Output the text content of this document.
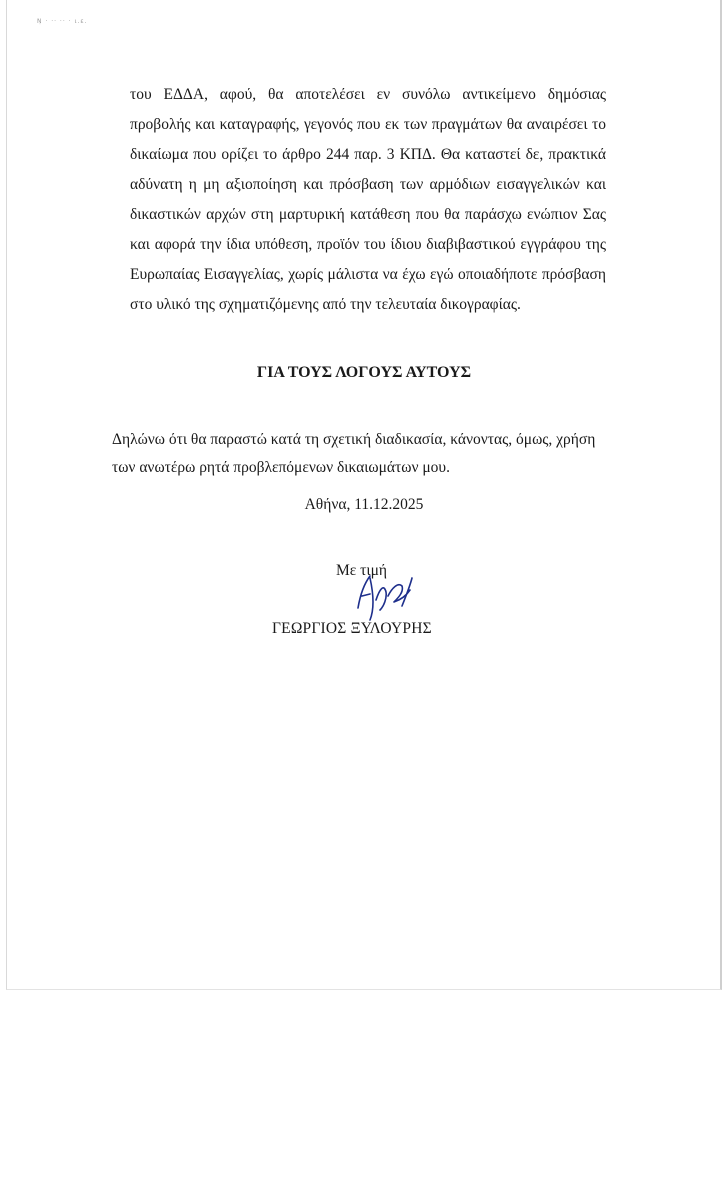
Ν̣ · ·· ·· · ι.ε.

του ΕΔΔΑ, αφού, θα αποτελέσει εν συνόλω αντικείμενο δημόσιας προβολής και καταγραφής, γεγονός που εκ των πραγμάτων θα αναιρέσει το δικαίωμα που ορίζει το άρθρο 244 παρ. 3 ΚΠΔ. Θα καταστεί δε, πρακτικά αδύνατη η μη αξιοποίηση και πρόσβαση των αρμόδιων εισαγγελικών και δικαστικών αρχών στη μαρτυρική κατάθεση που θα παράσχω ενώπιον Σας και αφορά την ίδια υπόθεση, προϊόν του ίδιου διαβιβαστικού εγγράφου της Ευρωπαίας Εισαγγελίας, χωρίς μάλιστα να έχω εγώ οποιαδήποτε πρόσβαση στο υλικό της σχηματιζόμενης από την τελευταία δικογραφίας.

ΓΙΑ ΤΟΥΣ ΛΟΓΟΥΣ ΑΥΤΟΥΣ

Δηλώνω ότι θα παραστώ κατά τη σχετική διαδικασία, κάνοντας, όμως, χρήση των ανωτέρω ρητά προβλεπόμενων δικαιωμάτων μου.

Αθήνα, 11.12.2025

Με τιμή

ΓΕΩΡΓΙΟΣ ΞΥΛΟΥΡΗΣ
